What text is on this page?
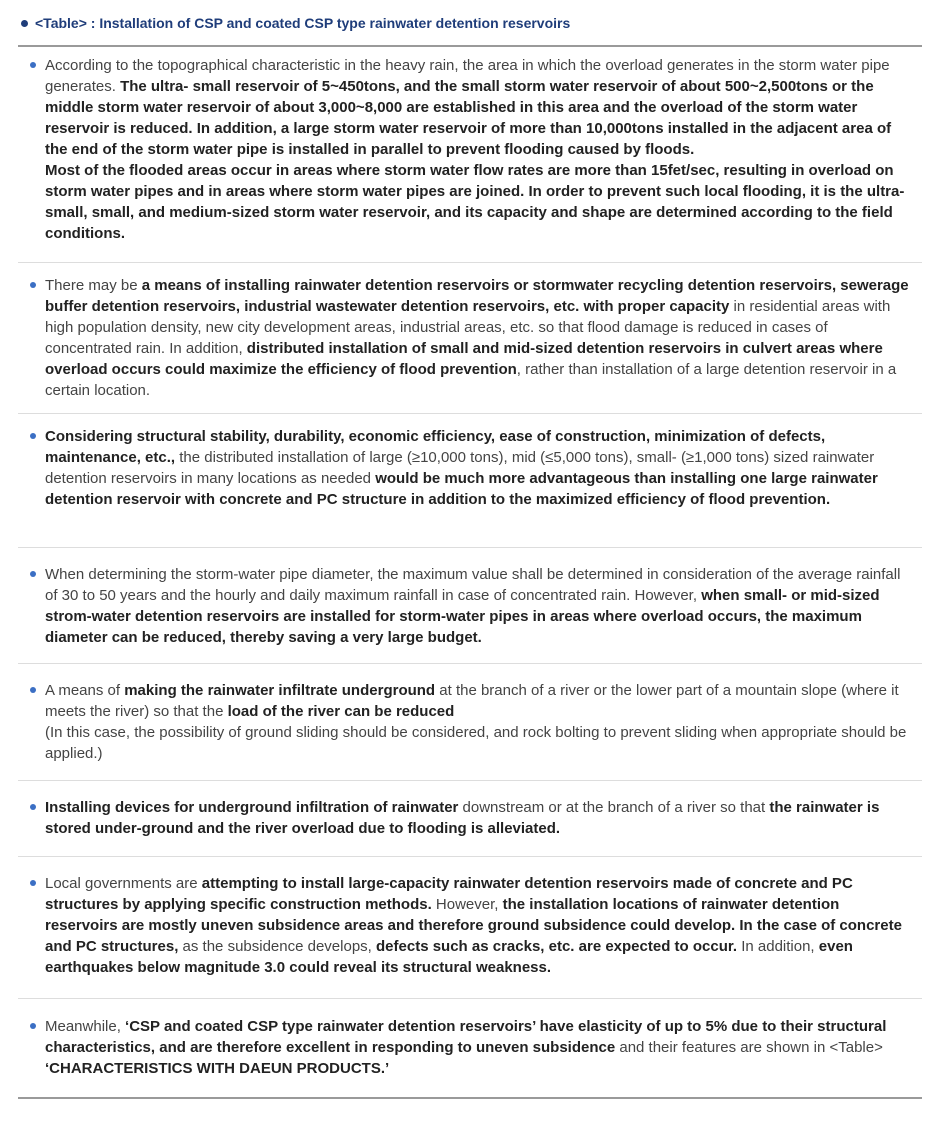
<Table> : Installation of CSP and coated CSP type rainwater detention reservoirs
According to the topographical characteristic in the heavy rain, the area in which the overload generates in the storm water pipe generates. The ultra- small reservoir of 5~450tons, and the small storm water reservoir of about 500~2,500tons or the middle storm water reservoir of about 3,000~8,000 are established in this area and the overload of the storm water reservoir is reduced. In addition, a large storm water reservoir of more than 10,000tons installed in the adjacent area of the end of the storm water pipe is installed in parallel to prevent flooding caused by floods.
Most of the flooded areas occur in areas where storm water flow rates are more than 15fet/sec, resulting in overload on storm water pipes and in areas where storm water pipes are joined. In order to prevent such local flooding, it is the ultra-small, small, and medium-sized storm water reservoir, and its capacity and shape are determined according to the field conditions.
There may be a means of installing rainwater detention reservoirs or stormwater recycling detention reservoirs, sewerage buffer detention reservoirs, industrial wastewater detention reservoirs, etc. with proper capacity in residential areas with high population density, new city development areas, industrial areas, etc. so that flood damage is reduced in cases of concentrated rain. In addition, distributed installation of small and mid-sized detention reservoirs in culvert areas where overload occurs could maximize the efficiency of flood prevention, rather than installation of a large detention reservoir in a certain location.
Considering structural stability, durability, economic efficiency, ease of construction, minimization of defects, maintenance, etc., the distributed installation of large (≥10,000 tons), mid (≤5,000 tons), small- (≥1,000 tons) sized rainwater detention reservoirs in many locations as needed would be much more advantageous than installing one large rainwater detention reservoir with concrete and PC structure in addition to the maximized efficiency of flood prevention.
When determining the storm-water pipe diameter, the maximum value shall be determined in consideration of the average rainfall of 30 to 50 years and the hourly and daily maximum rainfall in case of concentrated rain. However, when small- or mid-sized strom-water detention reservoirs are installed for storm-water pipes in areas where overload occurs, the maximum diameter can be reduced, thereby saving a very large budget.
A means of making the rainwater infiltrate underground at the branch of a river or the lower part of a mountain slope (where it meets the river) so that the load of the river can be reduced
(In this case, the possibility of ground sliding should be considered, and rock bolting to prevent sliding when appropriate should be applied.)
Installing devices for underground infiltration of rainwater downstream or at the branch of a river so that the rainwater is stored under-ground and the river overload due to flooding is alleviated.
Local governments are attempting to install large-capacity rainwater detention reservoirs made of concrete and PC structures by applying specific construction methods. However, the installation locations of rainwater detention reservoirs are mostly uneven subsidence areas and therefore ground subsidence could develop. In the case of concrete and PC structures, as the subsidence develops, defects such as cracks, etc. are expected to occur. In addition, even earthquakes below magnitude 3.0 could reveal its structural weakness.
Meanwhile, ‘CSP and coated CSP type rainwater detention reservoirs’ have elasticity of up to 5% due to their structural characteristics, and are therefore excellent in responding to uneven subsidence and their features are shown in <Table> ‘CHARACTERISTICS WITH DAEUN PRODUCTS.’
